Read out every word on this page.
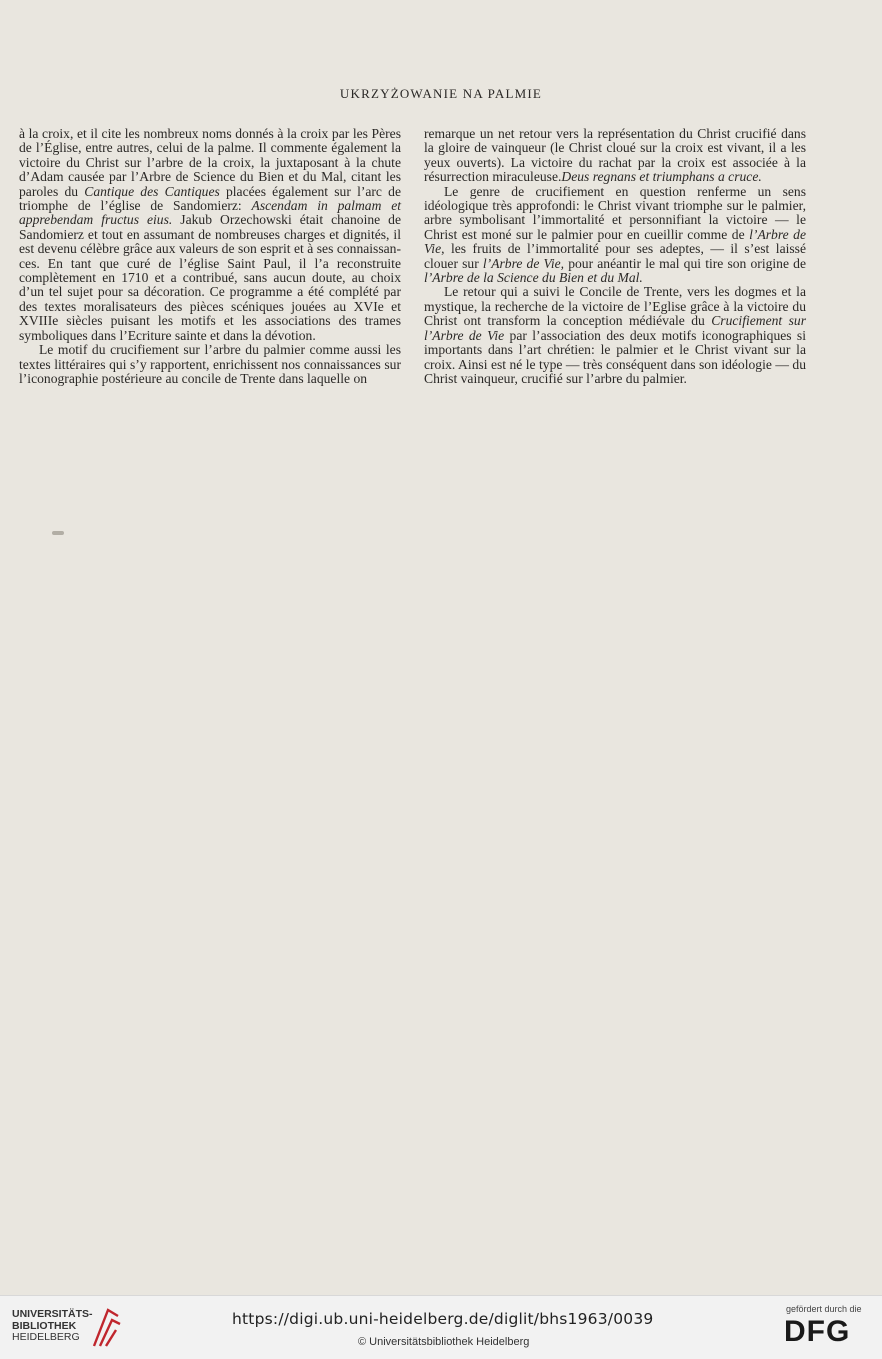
UKRZYŻOWANIE NA PALMIE

à la croix, et il cite les nombreux noms donnés à la croix par les Pères de l’Église, entre autres, celui de la palme. Il commente également la victoire du Christ sur l’arbre de la croix, la juxtaposant à la chute d’Adam causée par l’Arbre de Science du Bien et du Mal, citant les paroles du Cantique des Cantiques placées également sur l’arc de triomphe de l’église de Sandomierz: Ascendam in palmam et apprebendam fructus eius. Jakub Orzechowski était chanoine de Sandomierz et tout en assumant de nombreuses charges et dignités, il est devenu célèbre grâce aux valeurs de son esprit et à ses connaissances. En tant que curé de l’église Saint Paul, il l’a reconstruite complètement en 1710 et a contribué, sans aucun doute, au choix d’un tel sujet pour sa décoration. Ce programme a été complété par des textes moralisateurs des pièces scéniques jouées au XVIe et XVIIIe siècles puisant les motifs et les associations des trames symboliques dans l’Ecriture sainte et dans la dévotion.

Le motif du crucifiement sur l’arbre du palmier comme aussi les textes littéraires qui s’y rapportent, enrichissent nos connaissances sur l’iconographie postérieure au concile de Trente dans laquelle on

remarque un net retour vers la représentation du Christ crucifié dans la gloire de vainqueur (le Christ cloué sur la croix est vivant, il a les yeux ouverts). La victoire du rachat par la croix est associée à la résurrection miraculeuse.Deus regnans et triumphans a cruce.

Le genre de crucifiement en question renferme un sens idéologique très approfondi: le Christ vivant triomphe sur le palmier, arbre symbolisant l’immortalité et personnifiant la victoire — le Christ est moné sur le palmier pour en cueillir comme de l’Arbre de Vie, les fruits de l’immortalité pour ses adeptes, — il s’est laissé clouer sur l’Arbre de Vie, pour anéantir le mal qui tire son origine de l’Arbre de la Science du Bien et du Mal.

Le retour qui a suivi le Concile de Trente, vers les dogmes et la mystique, la recherche de la victoire de l’Eglise grâce à la victoire du Christ ont transform la conception médiévale du Crucifiement sur l’Arbre de Vie par l’association des deux motifs iconographiques si importants dans l’art chrétien: le palmier et le Christ vivant sur la croix. Ainsi est né le type — très conséquent dans son idéologie — du Christ vainqueur, crucifié sur l’arbre du palmier.

UNIVERSITÄTS-
BIBLIOTHEK
HEIDELBERG
https://digi.ub.uni-heidelberg.de/diglit/bhs1963/0039
© Universitätsbibliothek Heidelberg
gefördert durch die
DFG
